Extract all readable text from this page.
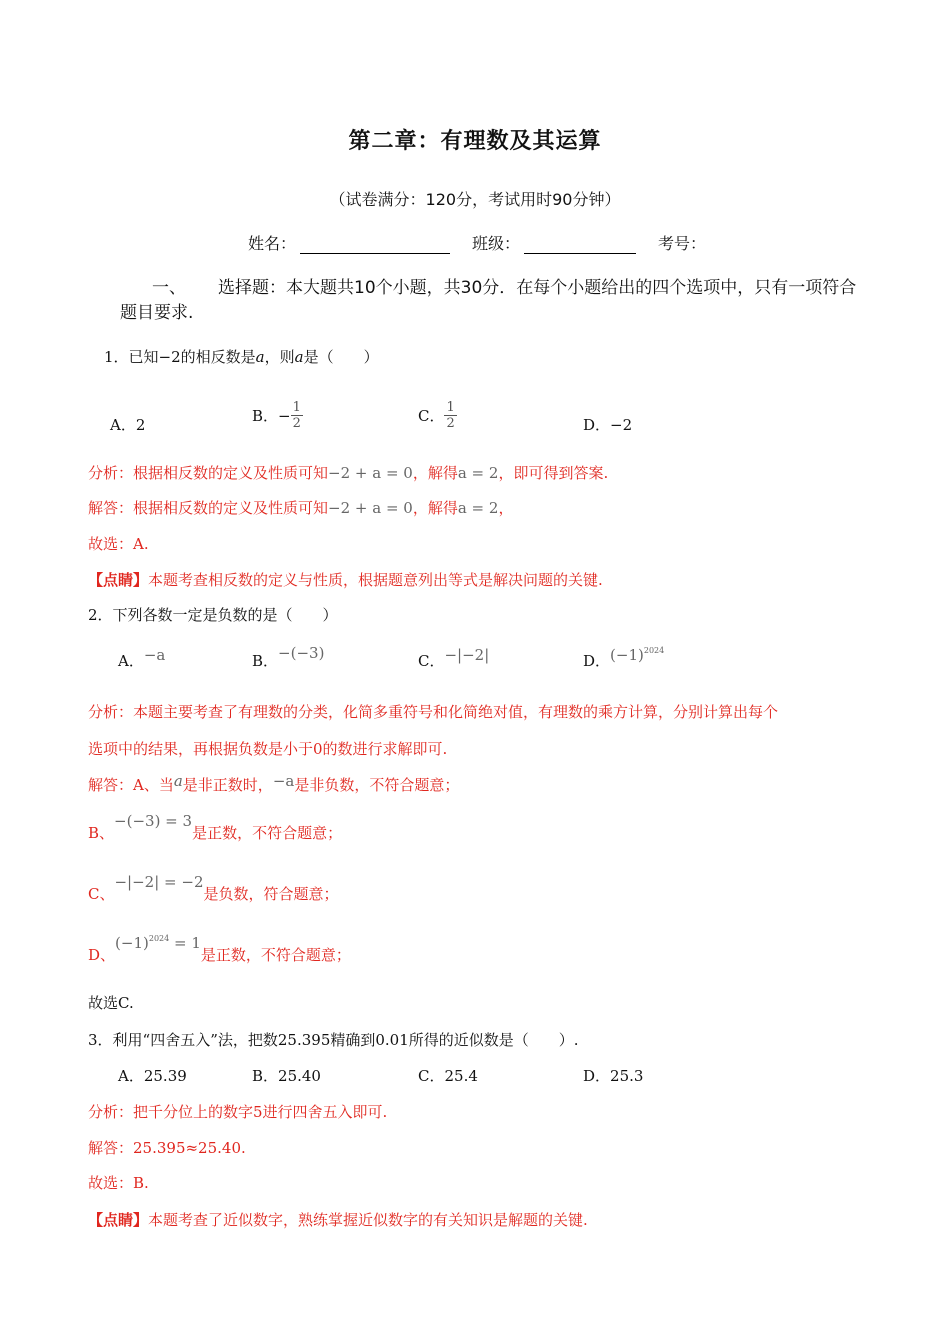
第二章：有理数及其运算
（试卷满分：120分，考试用时90分钟）
姓名：	班级：	考号：
一、 选择题：本大题共10个小题，共30分．在每个小题给出的四个选项中，只有一项符合题目要求.
1．已知−2的相反数是a，则a是（　　）
A．2	B．− $\frac{1}{2}$	C． $\frac{1}{2}$	D．−2
分析：根据相反数的定义及性质可知−2 + a = 0，解得a = 2，即可得到答案.
解答：根据相反数的定义及性质可知−2 + a = 0，解得a = 2，
故选：A.
【点睛】本题考查相反数的定义与性质，根据题意列出等式是解决问题的关键.
2．下列各数一定是负数的是（　　）
A．−a	B．−(−3)	C．−|−2|	D．$(-1)^{2024}$
分析：本题主要考查了有理数的分类，化简多重符号和化简绝对值，有理数的乘方计算，分别计算出每个
选项中的结果，再根据负数是小于0的数进行求解即可.
解答：A、当a是非正数时，−a是非负数，不符合题意；
B、−(−3) = 3是正数，不符合题意；
C、−|−2| = −2是负数，符合题意；
D、$(-1)^{2024} = 1$是正数，不符合题意；
故选C.
3．利用“四舍五入”法，把数25.395精确到0.01所得的近似数是（　　）.
A．25.39	B．25.40	C．25.4	D．25.3
分析：把千分位上的数字5进行四舍五入即可.
解答：25.395≈25.40.
故选：B.
【点睛】本题考查了近似数字，熟练掌握近似数字的有关知识是解题的关键.
